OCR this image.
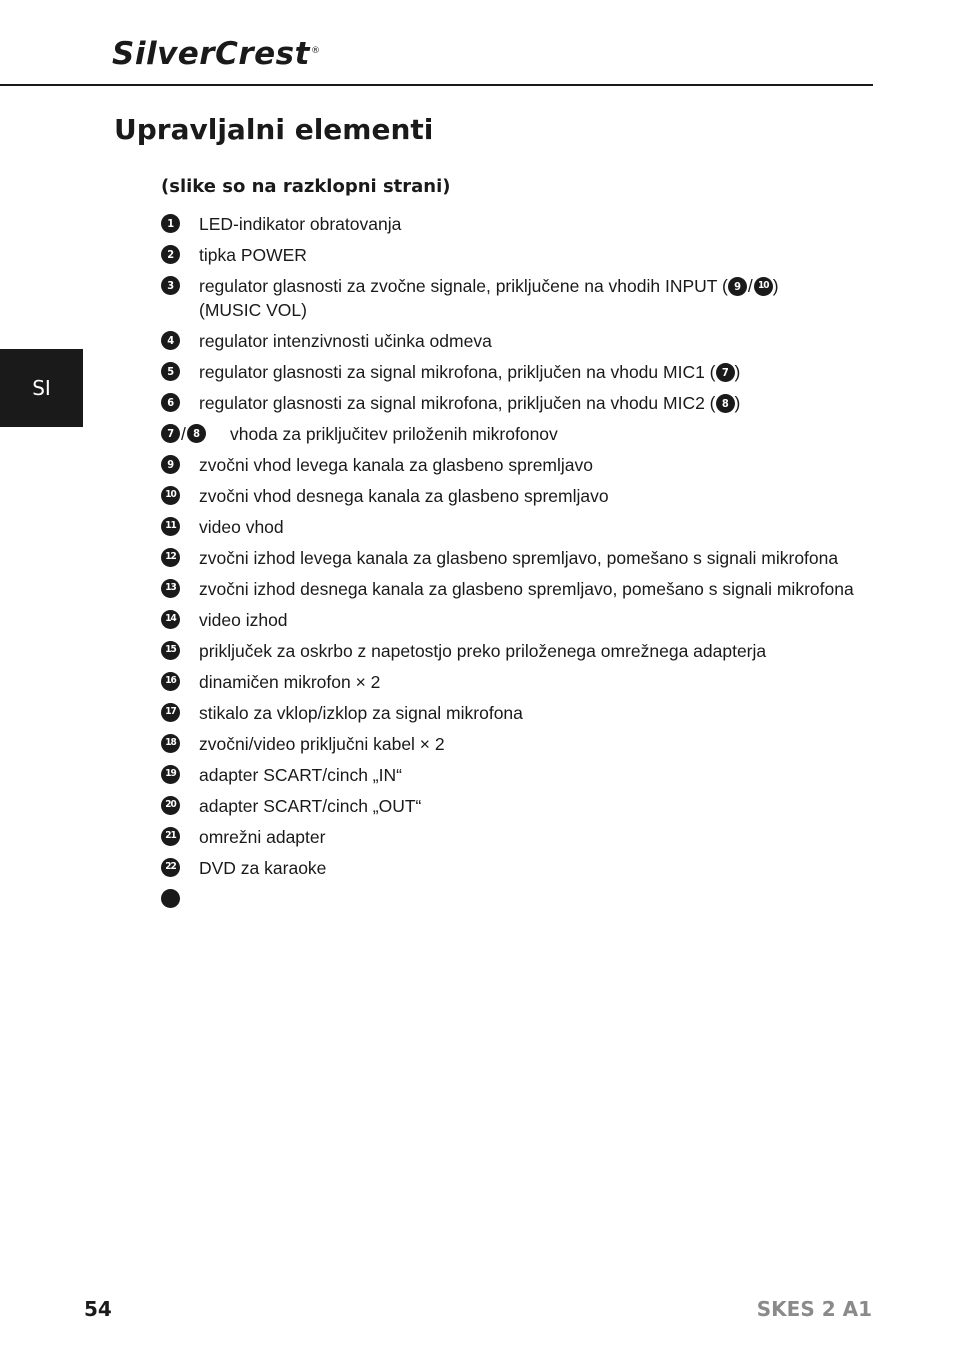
SilverCrest®
Upravljalni elementi
SI
(slike so na razklopni strani)
1	LED-indikator obratovanja
2	tipka POWER
3	regulator glasnosti za zvočne signale, priključene na vhodih INPUT ( 9 / 10 )
(MUSIC VOL)
4	regulator intenzivnosti učinka odmeva
5	regulator glasnosti za signal mikrofona, priključen na vhodu MIC1 ( 7 )
6	regulator glasnosti za signal mikrofona, priključen na vhodu MIC2 ( 8 )
7 / 8	vhoda za priključitev priloženih mikrofonov
9	zvočni vhod levega kanala za glasbeno spremljavo
10 zvočni vhod desnega kanala za glasbeno spremljavo
11 video vhod
12 zvočni izhod levega kanala za glasbeno spremljavo, pomešano s signali mikrofona
13 zvočni izhod desnega kanala za glasbeno spremljavo, pomešano s signali mikrofona
14 video izhod
15 priključek za oskrbo z napetostjo preko priloženega omrežnega adapterja
16 dinamičen mikrofon × 2
17 stikalo za vklop/izklop za signal mikrofona
18 zvočni/video priključni kabel × 2
19 adapter SCART/cinch „IN“
20 adapter SCART/cinch „OUT“
21 omrežni adapter
22 DVD za karaoke
54	SKES 2 A1
